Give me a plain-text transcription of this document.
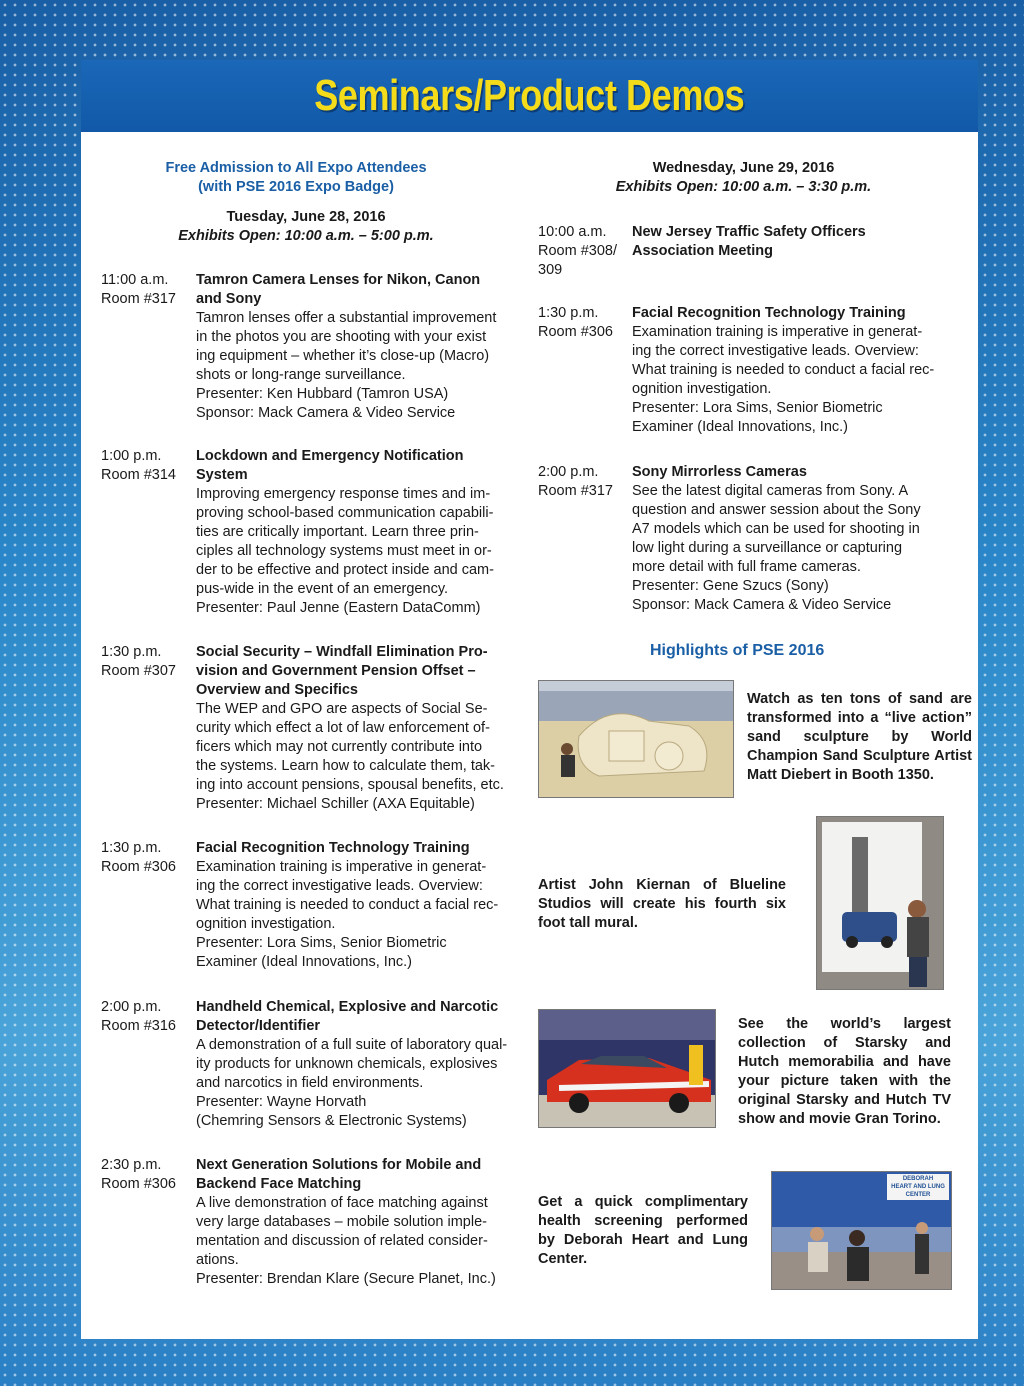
Seminars/Product Demos
Free Admission to All Expo Attendees
(with PSE 2016 Expo Badge)
Tuesday, June 28, 2016
Exhibits Open: 10:00 a.m. – 5:00 p.m.
11:00 a.m.
Room #317
Tamron Camera Lenses for Nikon, Canon
and Sony
Tamron lenses offer a substantial improvement
in the photos you are shooting with your exist
ing equipment – whether it’s close-up (Macro)
shots or long-range surveillance.
Presenter: Ken Hubbard (Tamron USA)
Sponsor: Mack Camera & Video Service
1:00 p.m.
Room #314
Lockdown and Emergency Notification
System
Improving emergency response times and im-
proving school-based communication capabili-
ties are critically important. Learn three prin-
ciples all technology systems must meet in or-
der to be effective and protect inside and cam-
pus-wide in the event of an emergency.
Presenter: Paul Jenne (Eastern DataComm)
1:30 p.m.
Room #307
Social Security – Windfall Elimination Pro-
vision and Government Pension Offset –
Overview and Specifics
The WEP and GPO are aspects of Social Se-
curity which effect a lot of law enforcement of-
ficers which may not currently contribute into
the systems. Learn how to calculate them, tak-
ing into account pensions, spousal benefits, etc.
Presenter: Michael Schiller (AXA Equitable)
1:30 p.m.
Room #306
Facial Recognition Technology Training
Examination training is imperative in generat-
ing the correct investigative leads. Overview:
What training is needed to conduct a facial rec-
ognition investigation.
Presenter: Lora Sims, Senior Biometric
Examiner (Ideal Innovations, Inc.)
2:00 p.m.
Room #316
Handheld Chemical, Explosive and Narcotic
Detector/Identifier
A demonstration of a full suite of laboratory qual-
ity products for unknown chemicals, explosives
and narcotics in field environments.
Presenter: Wayne Horvath
(Chemring Sensors & Electronic Systems)
2:30 p.m.
Room #306
Next Generation Solutions for Mobile and
Backend Face Matching
A live demonstration of face matching against
very large databases – mobile solution imple-
mentation and discussion of related consider-
ations.
Presenter: Brendan Klare (Secure Planet, Inc.)
Wednesday, June 29, 2016
Exhibits Open: 10:00 a.m. – 3:30 p.m.
10:00 a.m.
Room #308/
309
New Jersey Traffic Safety Officers
Association Meeting
1:30 p.m.
Room #306
Facial Recognition Technology Training
Examination training is imperative in generat-
ing the correct investigative leads. Overview:
What training is needed to conduct a facial rec-
ognition investigation.
Presenter: Lora Sims, Senior Biometric
Examiner (Ideal Innovations, Inc.)
2:00 p.m.
Room #317
Sony Mirrorless Cameras
See the latest digital cameras from Sony. A
question and answer session about the Sony
A7 models which can be used for shooting in
low light during a surveillance or capturing
more detail with full frame cameras.
Presenter: Gene Szucs (Sony)
Sponsor: Mack Camera & Video Service
Highlights of PSE 2016
Watch as ten tons of sand are transformed into a “live action” sand sculpture by World Champion Sand Sculpture Artist Matt Diebert in Booth 1350.
Artist John Kiernan of Blueline Studios will create his fourth six foot tall mural.
See the world’s largest collection of Starsky and Hutch memorabilia and have your picture taken with the original Starsky and Hutch TV show and movie Gran Torino.
Get a quick complimentary health screening performed by Deborah Heart and Lung Center.
DEBORAH
HEART AND LUNG
CENTER
